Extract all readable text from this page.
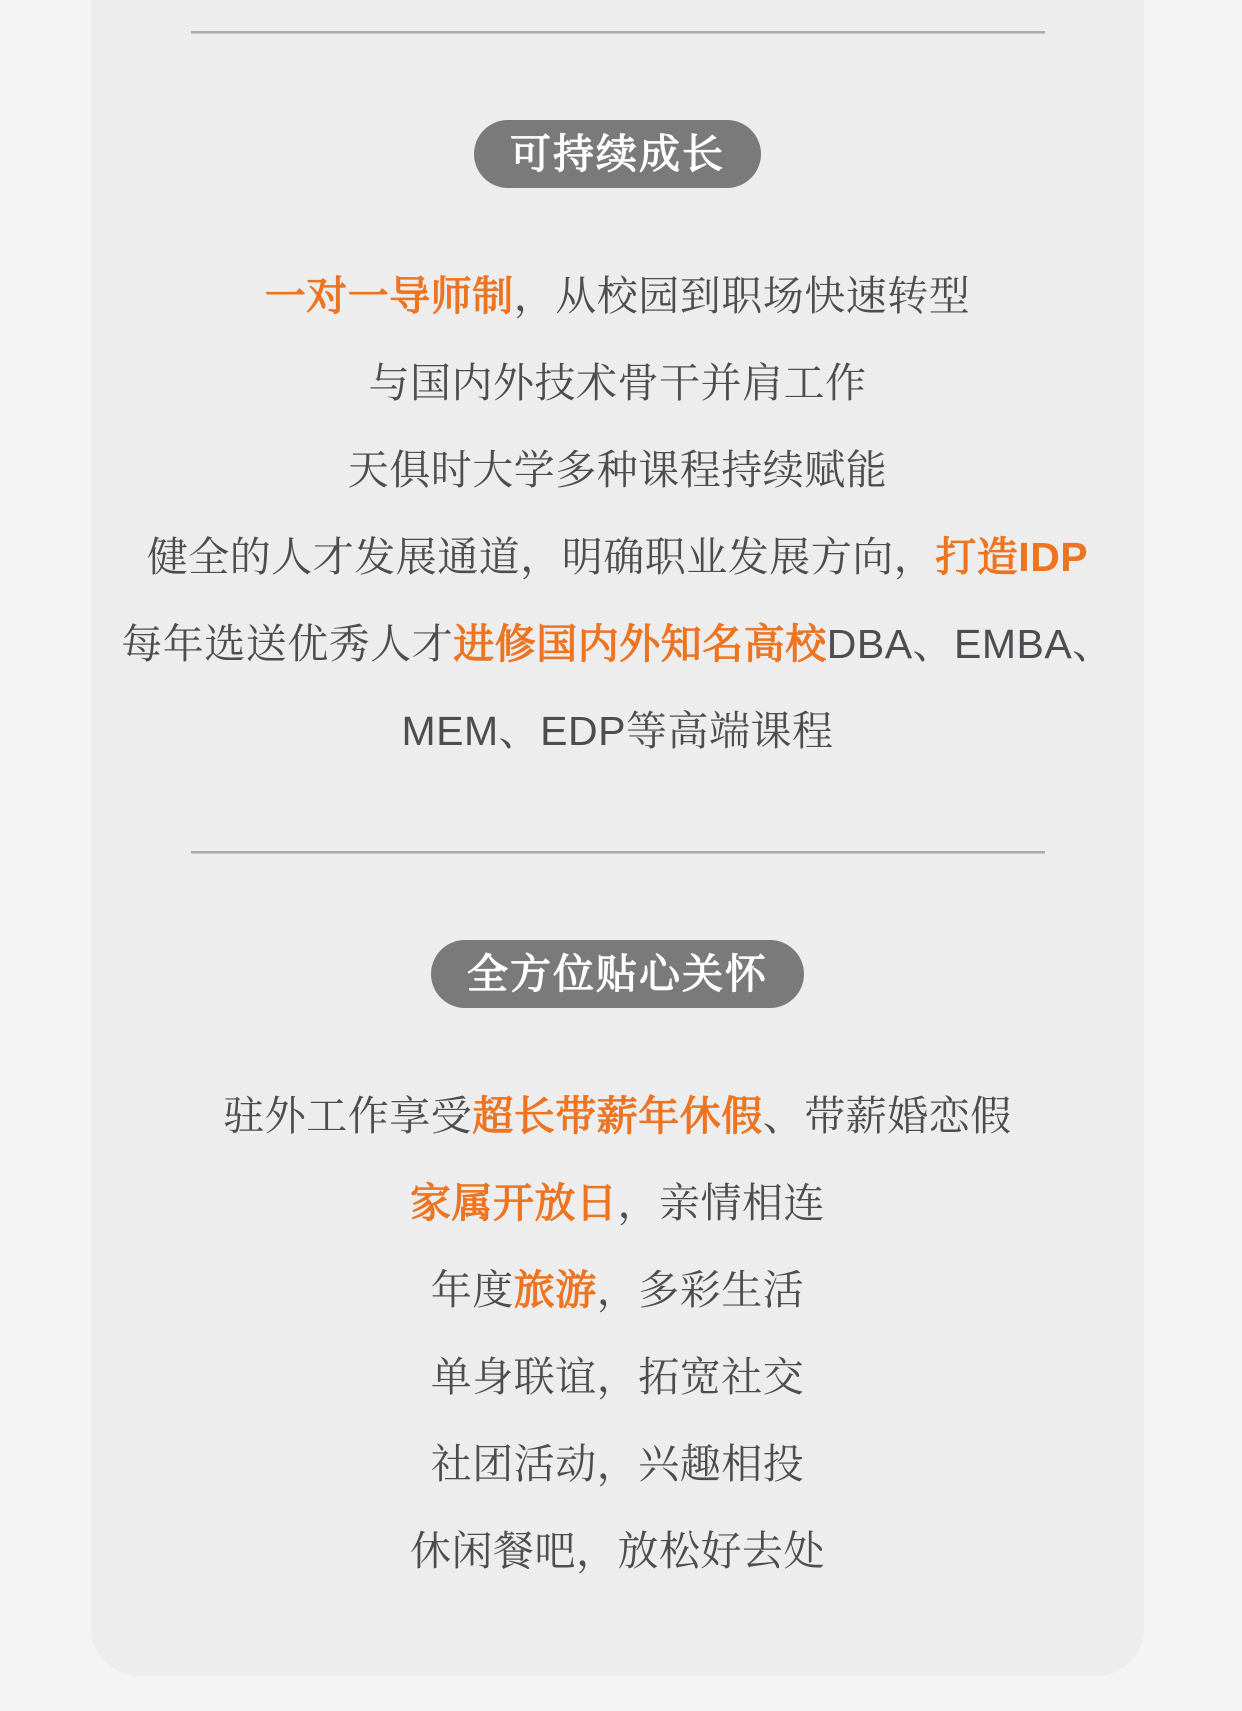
可持续成长

一对一导师制，从校园到职场快速转型

与国内外技术骨干并肩工作

天俱时大学多种课程持续赋能

健全的人才发展通道，明确职业发展方向，打造IDP

每年选送优秀人才进修国内外知名高校DBA、EMBA、

MEM、EDP等高端课程

全方位贴心关怀

驻外工作享受超长带薪年休假、带薪婚恋假

家属开放日，亲情相连

年度旅游，多彩生活

单身联谊，拓宽社交

社团活动，兴趣相投

休闲餐吧，放松好去处
